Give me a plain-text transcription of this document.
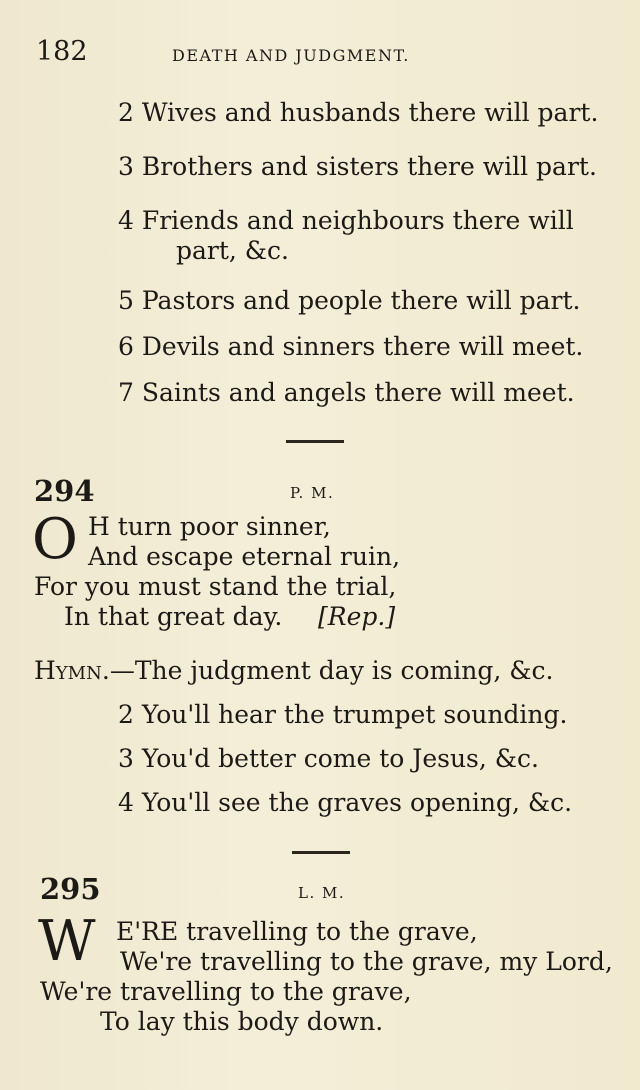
182	DEATH AND JUDGMENT.
2 Wives and husbands there will part.
3 Brothers and sisters there will part.
4 Friends and neighbours there will
part, &c.
5 Pastors and people there will part.
6 Devils and sinners there will meet.
7 Saints and angels there will meet.
294	P. M.
O H turn poor sinner,
And escape eternal ruin,
For you must stand the trial,
In that great day. [Rep.]
Hymn.—The judgment day is coming, &c.
2 You'll hear the trumpet sounding.
3 You'd better come to Jesus, &c.
4 You'll see the graves opening, &c.
295	L. M.
W E'RE travelling to the grave,
We're travelling to the grave, my Lord,
We're travelling to the grave,
To lay this body down.
